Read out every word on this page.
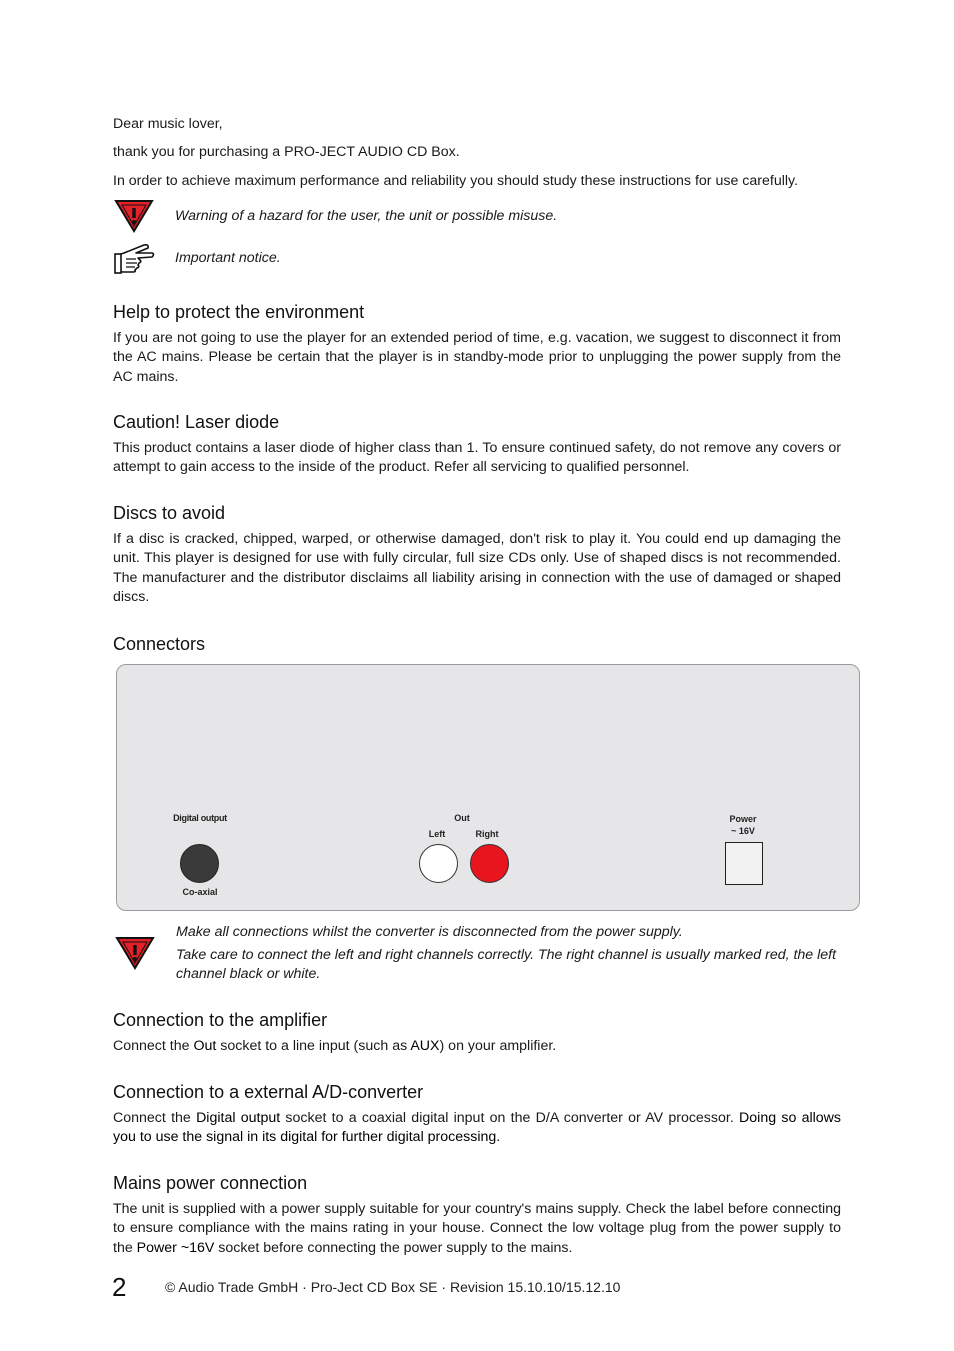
Dear music lover,
thank you for purchasing a PRO-JECT AUDIO CD Box.
In order to achieve maximum performance and reliability you should study these instructions for use carefully.
Warning of a hazard for the user, the unit or possible misuse.
Important notice.
Help to protect the environment
If you are not going to use the player for an extended period of time, e.g. vacation, we suggest to disconnect it from the AC mains. Please be certain that the player is in standby-mode prior to unplugging the power supply from the AC mains.
Caution! Laser diode
This product contains a laser diode of higher class than 1. To ensure continued safety, do not remove any covers or attempt to gain access to the inside of the product. Refer all servicing to qualified personnel.
Discs to avoid
If a disc is cracked, chipped, warped, or otherwise damaged, don't risk to play it. You could end up damaging the unit. This player is designed for use with fully circular, full size CDs only. Use of shaped discs is not recommended. The manufacturer and the distributor disclaims all liability arising in connection with the use of damaged or shaped discs.
Connectors
Digital output
Co-axial
Out
Left	Right
Power
~ 16V
Make all connections whilst the converter is disconnected from the power supply.
Take care to connect the left and right channels correctly. The right channel is usually marked red, the left channel black or white.
Connection to the amplifier
Connect the Out socket to a line input (such as AUX) on your amplifier.
Connection to a external A/D-converter
Connect the Digital output socket to a coaxial digital input on the D/A converter or AV processor. Doing so allows you to use the signal in its digital for further digital processing.
Mains power connection
The unit is supplied with a power supply suitable for your country's mains supply. Check the label before connecting to ensure compliance with the mains rating in your house. Connect the low voltage plug from the power supply to the Power ~16V socket before connecting the power supply to the mains.
2	© Audio Trade GmbH · Pro-Ject CD Box SE · Revision 15.10.10/15.12.10
